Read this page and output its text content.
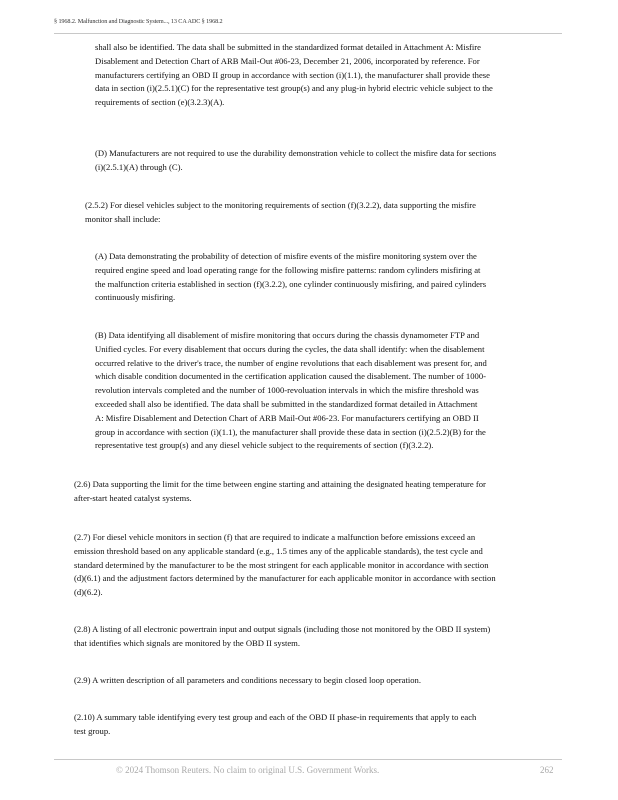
§ 1968.2. Malfunction and Diagnostic System..., 13 CA ADC § 1968.2
shall also be identified. The data shall be submitted in the standardized format detailed in Attachment A: Misfire
Disablement and Detection Chart of ARB Mail-Out #06-23, December 21, 2006, incorporated by reference. For
manufacturers certifying an OBD II group in accordance with section (i)(1.1), the manufacturer shall provide these
data in section (i)(2.5.1)(C) for the representative test group(s) and any plug-in hybrid electric vehicle subject to the
requirements of section (e)(3.2.3)(A).
(D) Manufacturers are not required to use the durability demonstration vehicle to collect the misfire data for sections
(i)(2.5.1)(A) through (C).
(2.5.2) For diesel vehicles subject to the monitoring requirements of section (f)(3.2.2), data supporting the misfire
monitor shall include:
(A) Data demonstrating the probability of detection of misfire events of the misfire monitoring system over the
required engine speed and load operating range for the following misfire patterns: random cylinders misfiring at
the malfunction criteria established in section (f)(3.2.2), one cylinder continuously misfiring, and paired cylinders
continuously misfiring.
(B) Data identifying all disablement of misfire monitoring that occurs during the chassis dynamometer FTP and
Unified cycles. For every disablement that occurs during the cycles, the data shall identify: when the disablement
occurred relative to the driver's trace, the number of engine revolutions that each disablement was present for, and
which disable condition documented in the certification application caused the disablement. The number of 1000-
revolution intervals completed and the number of 1000-revoluation intervals in which the misfire threshold was
exceeded shall also be identified. The data shall be submitted in the standardized format detailed in Attachment
A: Misfire Disablement and Detection Chart of ARB Mail-Out #06-23. For manufacturers certifying an OBD II
group in accordance with section (i)(1.1), the manufacturer shall provide these data in section (i)(2.5.2)(B) for the
representative test group(s) and any diesel vehicle subject to the requirements of section (f)(3.2.2).
(2.6) Data supporting the limit for the time between engine starting and attaining the designated heating temperature for
after-start heated catalyst systems.
(2.7) For diesel vehicle monitors in section (f) that are required to indicate a malfunction before emissions exceed an
emission threshold based on any applicable standard (e.g., 1.5 times any of the applicable standards), the test cycle and
standard determined by the manufacturer to be the most stringent for each applicable monitor in accordance with section
(d)(6.1) and the adjustment factors determined by the manufacturer for each applicable monitor in accordance with section
(d)(6.2).
(2.8) A listing of all electronic powertrain input and output signals (including those not monitored by the OBD II system)
that identifies which signals are monitored by the OBD II system.
(2.9) A written description of all parameters and conditions necessary to begin closed loop operation.
(2.10) A summary table identifying every test group and each of the OBD II phase-in requirements that apply to each
test group.
© 2024 Thomson Reuters. No claim to original U.S. Government Works.	262
